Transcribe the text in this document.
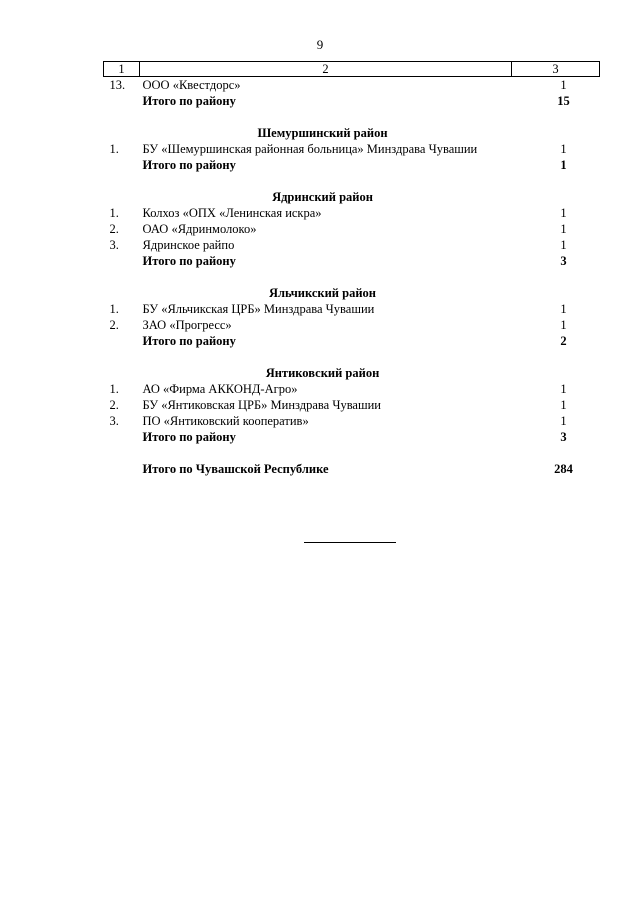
9
1	2	3
13.	ООО «Квестдорс»	1
	Итого по району	15
Шемуршинский район		
1.	БУ «Шемуршинская районная больница» Минздрава Чувашии	1
	Итого по району	1
Ядринский район		
1.	Колхоз «ОПХ «Ленинская искра»	1
2.	ОАО «Ядринмолоко»	1
3.	Ядринское райпо	1
	Итого по району	3
Яльчикский район		
1.	БУ «Яльчикская ЦРБ» Минздрава Чувашии	1
2.	ЗАО «Прогресс»	1
	Итого по району	2
Янтиковский район		
1.	АО «Фирма АККОНД-Агро»	1
2.	БУ «Янтиковская ЦРБ» Минздрава Чувашии	1
3.	ПО «Янтиковский кооператив»	1
	Итого по району	3
	Итого по Чувашской Республике	284
